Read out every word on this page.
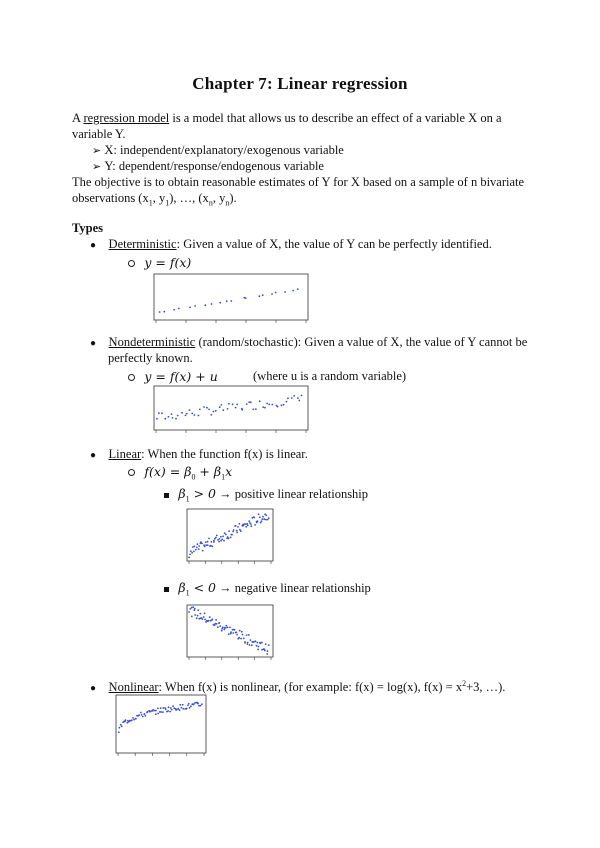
Chapter 7: Linear regression
A regression model is a model that allows us to describe an effect of a variable X on a
variable Y.
➢ X: independent/explanatory/exogenous variable
➢ Y: dependent/response/endogenous variable
The objective is to obtain reasonable estimates of Y for X based on a sample of n bivariate
observations ($x_1$, $y_1$), …, ($x_n$, $y_n$).
Types
● Deterministic: Given a value of X, the value of Y can be perfectly identified.
y = f(x)
● Nondeterministic (random/stochastic): Given a value of X, the value of Y cannot be
perfectly known.
y = f(x) + u	(where u is a random variable)
● Linear: When the function f(x) is linear.
$f(x) = \beta_0 + \beta_1x$
$\beta_1 > 0$ → positive linear relationship
$\beta_1 < 0$ → negative linear relationship
● Nonlinear: When f(x) is nonlinear, (for example: f(x) = log(x), $f(x) = x^2+3$, …).
